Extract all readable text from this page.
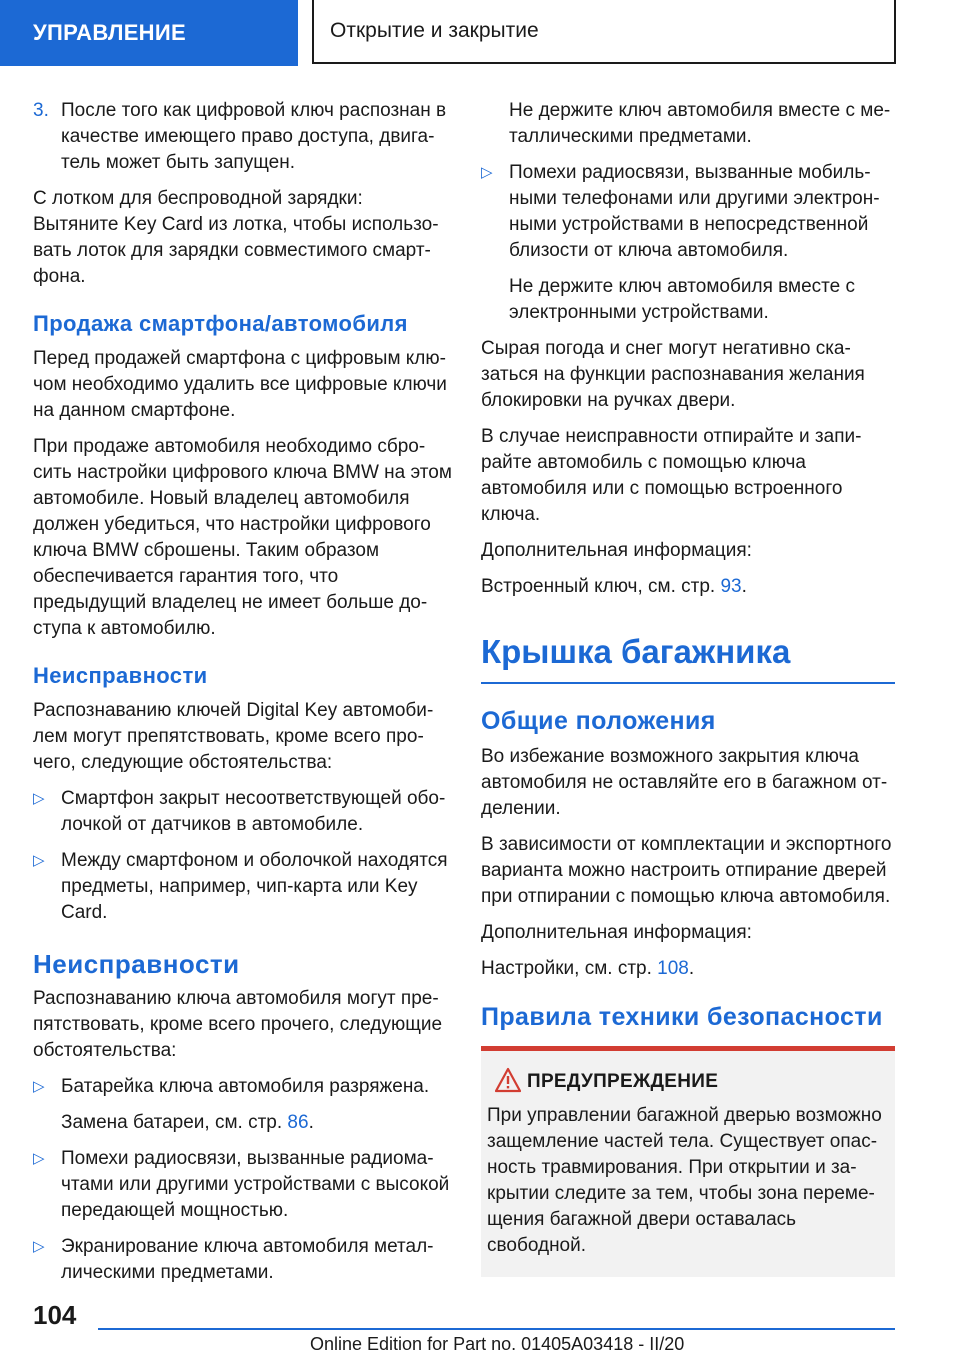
УПРАВЛЕНИЕ	Открытие и закрытие
3. После того как цифровой ключ распознан в качестве имеющего право доступа, двигатель может быть запущен.

С лотком для беспроводной зарядки: Вытяните Key Card из лотка, чтобы использовать лоток для зарядки совместимого смартфона.

Продажа смартфона/автомобиля

Перед продажей смартфона с цифровым ключом необходимо удалить все цифровые ключи на данном смартфоне.

При продаже автомобиля необходимо сбросить настройки цифрового ключа BMW на этом автомобиле. Новый владелец автомобиля должен убедиться, что настройки цифрового ключа BMW сброшены. Таким образом обеспечивается гарантия того, что предыдущий владелец не имеет больше доступа к автомобилю.

Неисправности

Распознаванию ключей Digital Key автомобилем могут препятствовать, кроме всего прочего, следующие обстоятельства:

▷ Смартфон закрыт несоответствующей оболочкой от датчиков в автомобиле.
▷ Между смартфоном и оболочкой находятся предметы, например, чип-карта или Key Card.
Неисправности

Распознаванию ключа автомобиля могут препятствовать, кроме всего прочего, следующие обстоятельства:

▷ Батарейка ключа автомобиля разряжена.
Замена батареи, см. стр. 86.
▷ Помехи радиосвязи, вызванные радиомачтами или другими устройствами с высокой передающей мощностью.
▷ Экранирование ключа автомобиля металлическими предметами.

Не держите ключ автомобиля вместе с металлическими предметами.

▷ Помехи радиосвязи, вызванные мобильными телефонами или другими электронными устройствами в непосредственной близости от ключа автомобиля.

Не держите ключ автомобиля вместе с электронными устройствами.

Сырая погода и снег могут негативно сказаться на функции распознавания желания блокировки на ручках двери.

В случае неисправности отпирайте и запирайте автомобиль с помощью ключа автомобиля или с помощью встроенного ключа.

Дополнительная информация:

Встроенный ключ, см. стр. 93.

Крышка багажника
Общие положения

Во избежание возможного закрытия ключа автомобиля не оставляйте его в багажном отделении.

В зависимости от комплектации и экспортного варианта можно настроить отпирание дверей при отпирании с помощью ключа автомобиля.

Дополнительная информация:

Настройки, см. стр. 108.

Правила техники безопасности
ПРЕДУПРЕЖДЕНИЕ
При управлении багажной дверью возможно защемление частей тела. Существует опасность травмирования. При открытии и закрытии следите за тем, чтобы зона перемещения багажной двери оставалась свободной.
104
Online Edition for Part no. 01405A03418 - II/20
